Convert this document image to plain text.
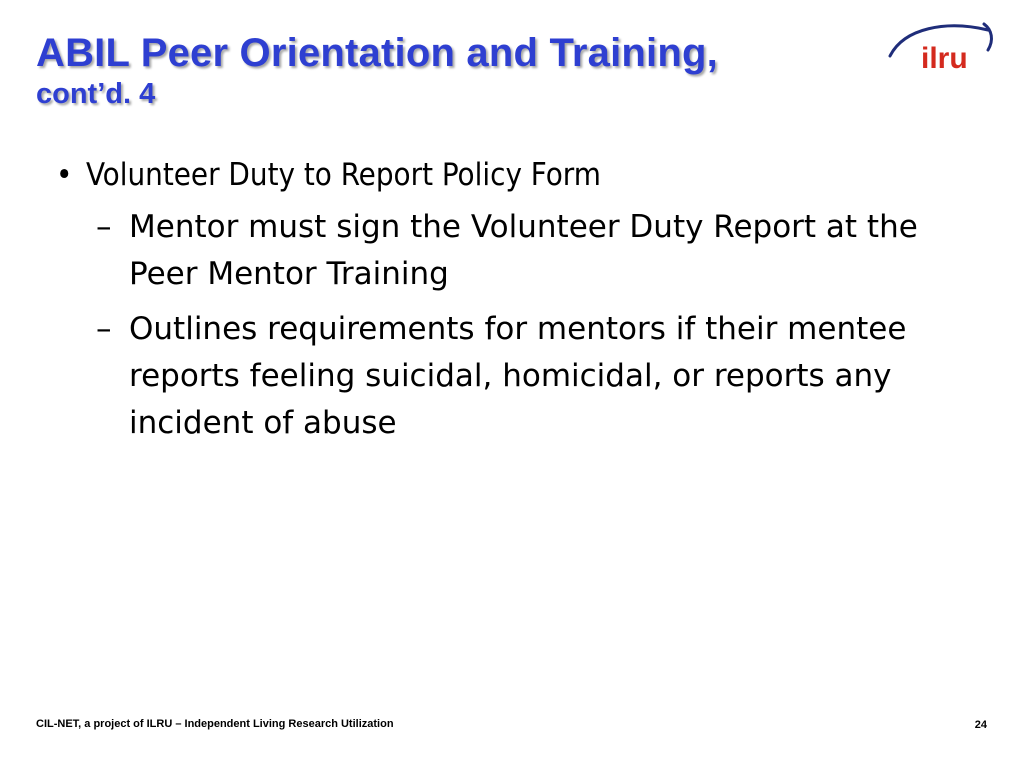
ABIL Peer Orientation and Training,
cont’d. 4
ilru
• Volunteer Duty to Report Policy Form
– Mentor must sign the Volunteer Duty Report at the Peer Mentor Training
– Outlines requirements for mentors if their mentee reports feeling suicidal, homicidal, or reports any incident of abuse
CIL-NET, a project of ILRU – Independent Living Research Utilization	24
